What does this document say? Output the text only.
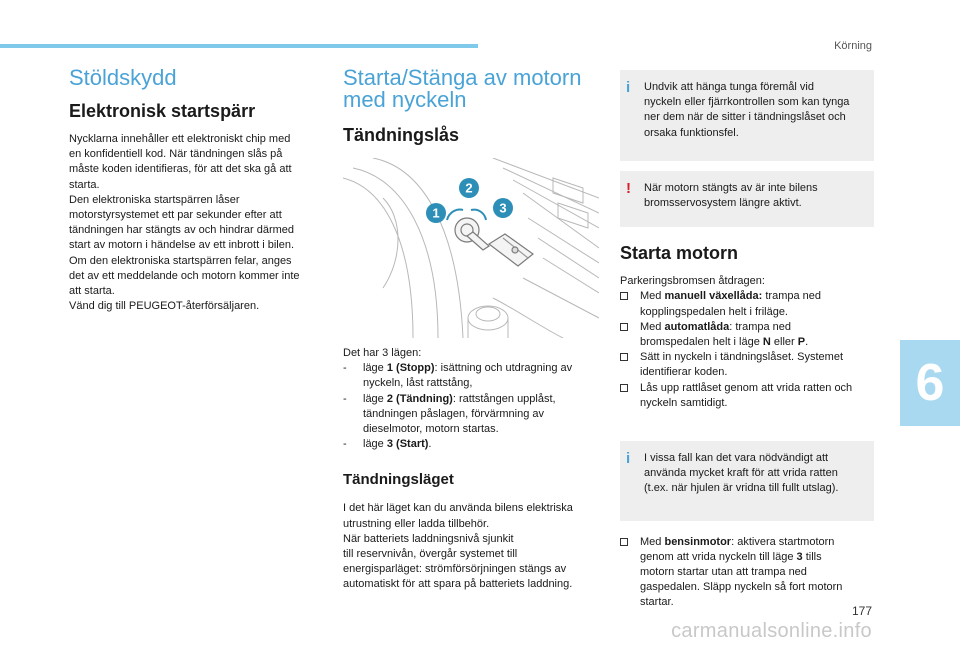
Körning
6
177
carmanualsonline.info
Stöldskydd
Elektronisk startspärr

Nycklarna innehåller ett elektroniskt chip med

en konfidentiell kod. När tändningen slås på

måste koden identifieras, för att det ska gå att

starta.

Den elektroniska startspärren låser

motorstyrsystemet ett par sekunder efter att

tändningen har stängts av och hindrar därmed

start av motorn i händelse av ett inbrott i bilen.

Om den elektroniska startspärren felar, anges

det av ett meddelande och motorn kommer inte

att starta.

Vänd dig till PEUGEOT-återförsäljaren.

Starta/Stänga av motorn
med nyckeln
Tändningslås
1
2
3

Det har 3 lägen:

- läge 1 (Stopp): isättning och utdragning av
nyckeln, låst rattstång,
- läge 2 (Tändning): rattstången upplåst,
tändningen påslagen, förvärmning av
dieselmotor, motorn startas.
- läge 3 (Start).
Tändningsläget

I det här läget kan du använda bilens elektriska

utrustning eller ladda tillbehör.

När batteriets laddningsnivå sjunkit

till reservnivån, övergår systemet till

energisparläget: strömförsörjningen stängs av

automatiskt för att spara på batteriets laddning.

i Undvik att hänga tunga föremål vid

nyckeln eller fjärrkontrollen som kan tynga

ner dem när de sitter i tändningslåset och

orsaka funktionsfel.

! När motorn stängts av är inte bilens

bromsservosystem längre aktivt.

Starta motorn

Parkeringsbromsen åtdragen:

Med manuell växellåda: trampa ned
kopplingspedalen helt i friläge.
Med automatlåda: trampa ned
bromspedalen helt i läge N eller P.
Sätt in nyckeln i tändningslåset. Systemet
identifierar koden.
Lås upp rattlåset genom att vrida ratten och
nyckeln samtidigt.
i I vissa fall kan det vara nödvändigt att

använda mycket kraft för att vrida ratten

(t.ex. när hjulen är vridna till fullt utslag).

Med bensinmotor: aktivera startmotorn
genom att vrida nyckeln till läge 3 tills
motorn startar utan att trampa ned
gaspedalen. Släpp nyckeln så fort motorn
startar.
